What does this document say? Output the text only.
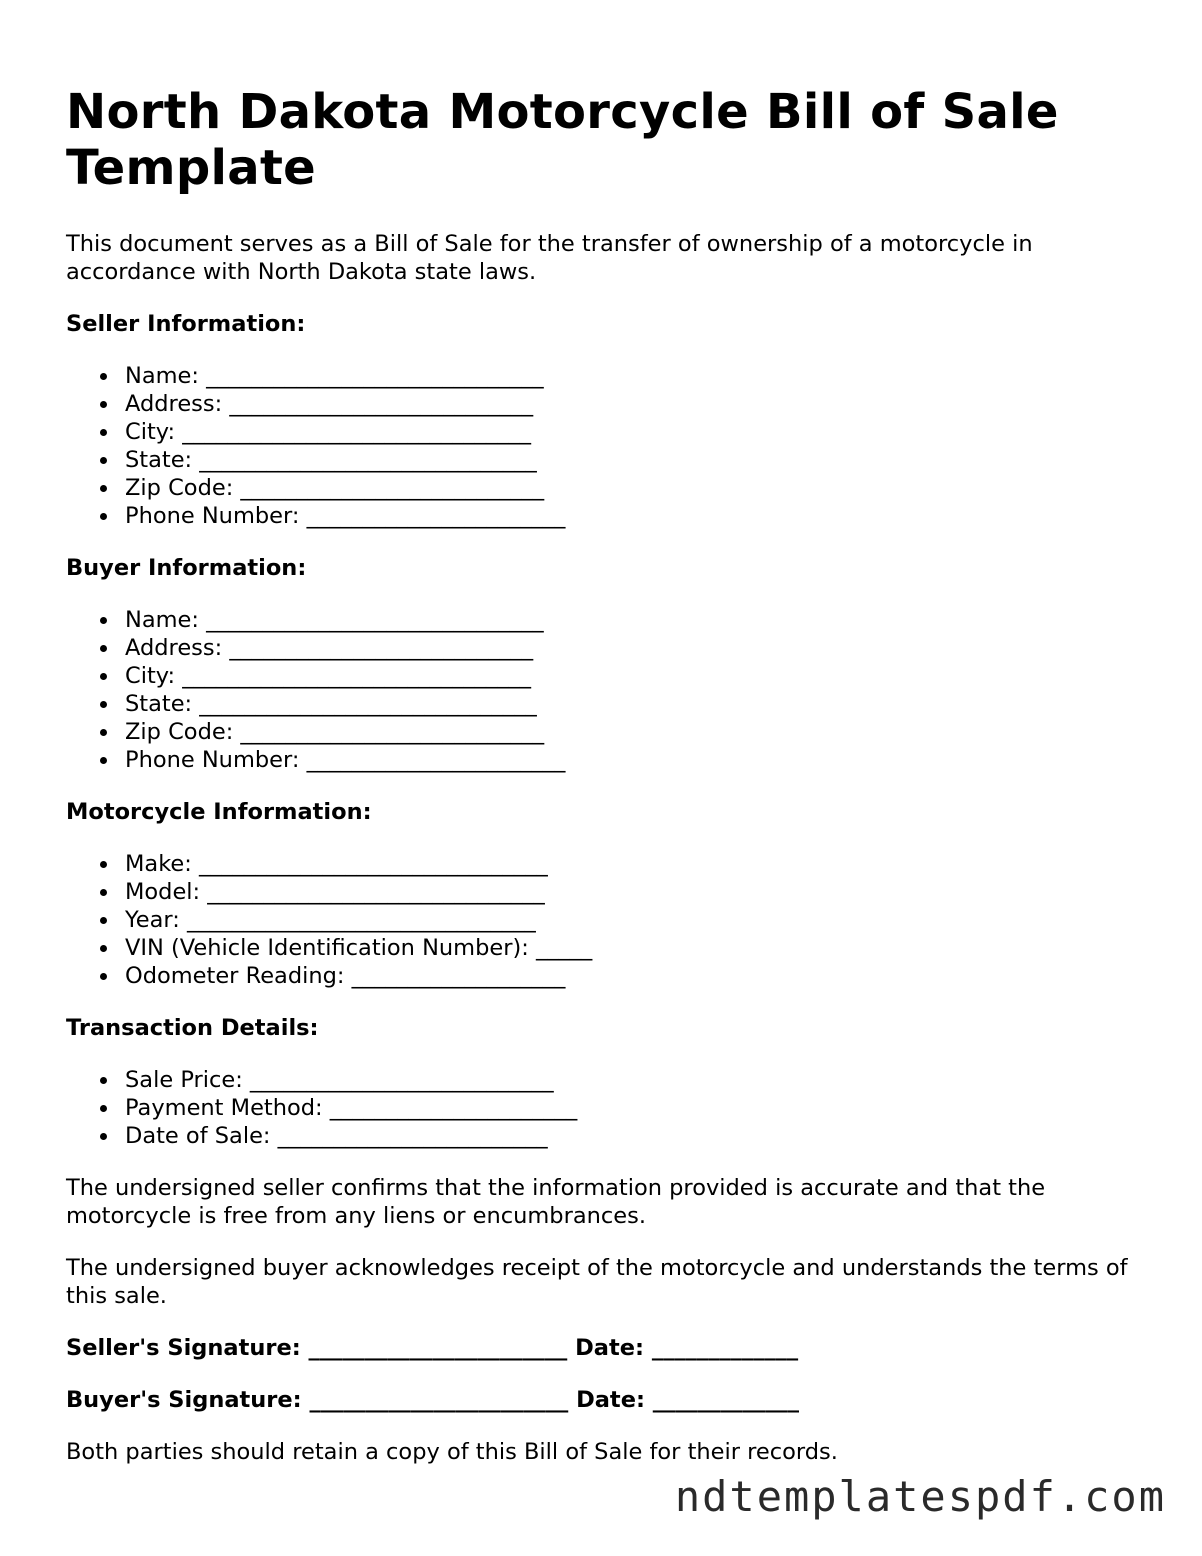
North Dakota Motorcycle Bill of Sale Template

This document serves as a Bill of Sale for the transfer of ownership of a motorcycle in accordance with North Dakota state laws.

Seller Information:
Name: ______________________________
Address: ___________________________
City: _______________________________
State: ______________________________
Zip Code: ___________________________
Phone Number: _______________________
Buyer Information:
Name: ______________________________
Address: ___________________________
City: _______________________________
State: ______________________________
Zip Code: ___________________________
Phone Number: _______________________
Motorcycle Information:
Make: _______________________________
Model: ______________________________
Year: _______________________________
VIN (Vehicle Identification Number): _____
Odometer Reading: ___________________
Transaction Details:
Sale Price: ___________________________
Payment Method: ______________________
Date of Sale: ________________________

The undersigned seller confirms that the information provided is accurate and that the motorcycle is free from any liens or encumbrances.

The undersigned buyer acknowledges receipt of the motorcycle and understands the terms of this sale.

Seller's Signature: _______________________ Date: _____________
Buyer's Signature: _______________________ Date: _____________

Both parties should retain a copy of this Bill of Sale for their records.

ndtemplatespdf.com
